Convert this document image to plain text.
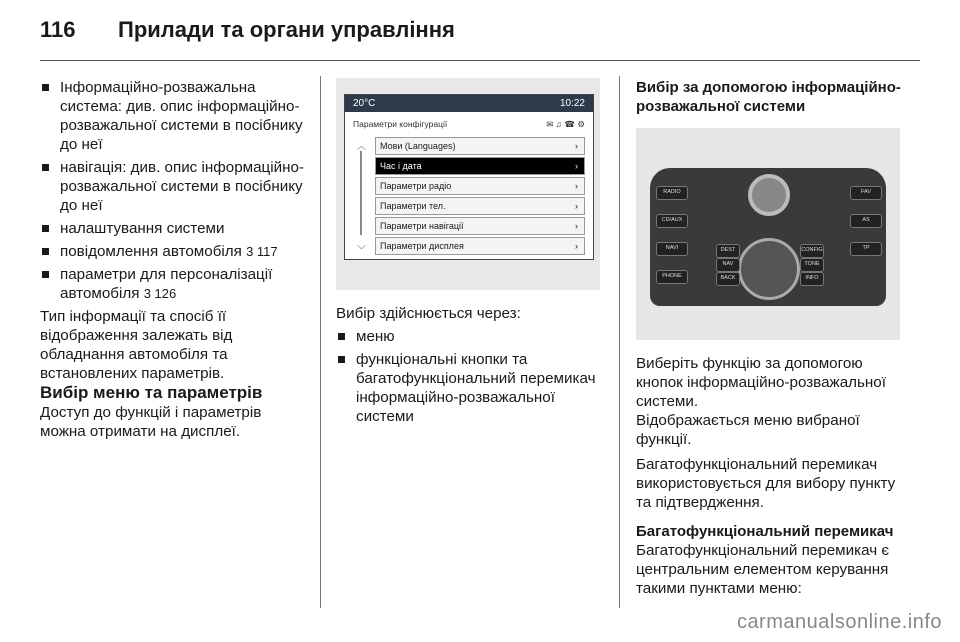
116	Прилади та органи управління
Інформаційно-розважальна система: див. опис інформаційно-розважальної системи в посібнику до неї
навігація: див. опис інформаційно-розважальної системи в посібнику до неї
налаштування системи
повідомлення автомобіля 3 117
параметри для персоналізації автомобіля 3 126

Тип інформації та спосіб її відображення залежать від обладнання автомобіля та встановлених параметрів.

Вибір меню та параметрів

Доступ до функцій і параметрів можна отримати на дисплеї.

20°C	10:22
Параметри конфігурації	✉ ♫ ☎ ⚙
︿
﹀
Мови (Languages)	›
Час і дата	›
Параметри радіо	›
Параметри тел.	›
Параметри навігації	›
Параметри дисплея	›

Вибір здійснюється через:

меню
функціональні кнопки та багатофункціональний перемикач інформаційно-розважальної системи

Вибір за допомогою інформаційно-розважальної системи

RADIO
CD/AUX
NAVI
PHONE
DEST
NAV
BACK
CONFIG
TONE
INFO
FAV
AS
TP

Виберіть функцію за допомогою кнопок інформаційно-розважальної системи.

Відображається меню вибраної функції.

Багатофункціональний перемикач використовується для вибору пункту та підтвердження.

Багатофункціональний перемикач

Багатофункціональний перемикач є центральним елементом керування такими пунктами меню:

carmanualsonline.info
